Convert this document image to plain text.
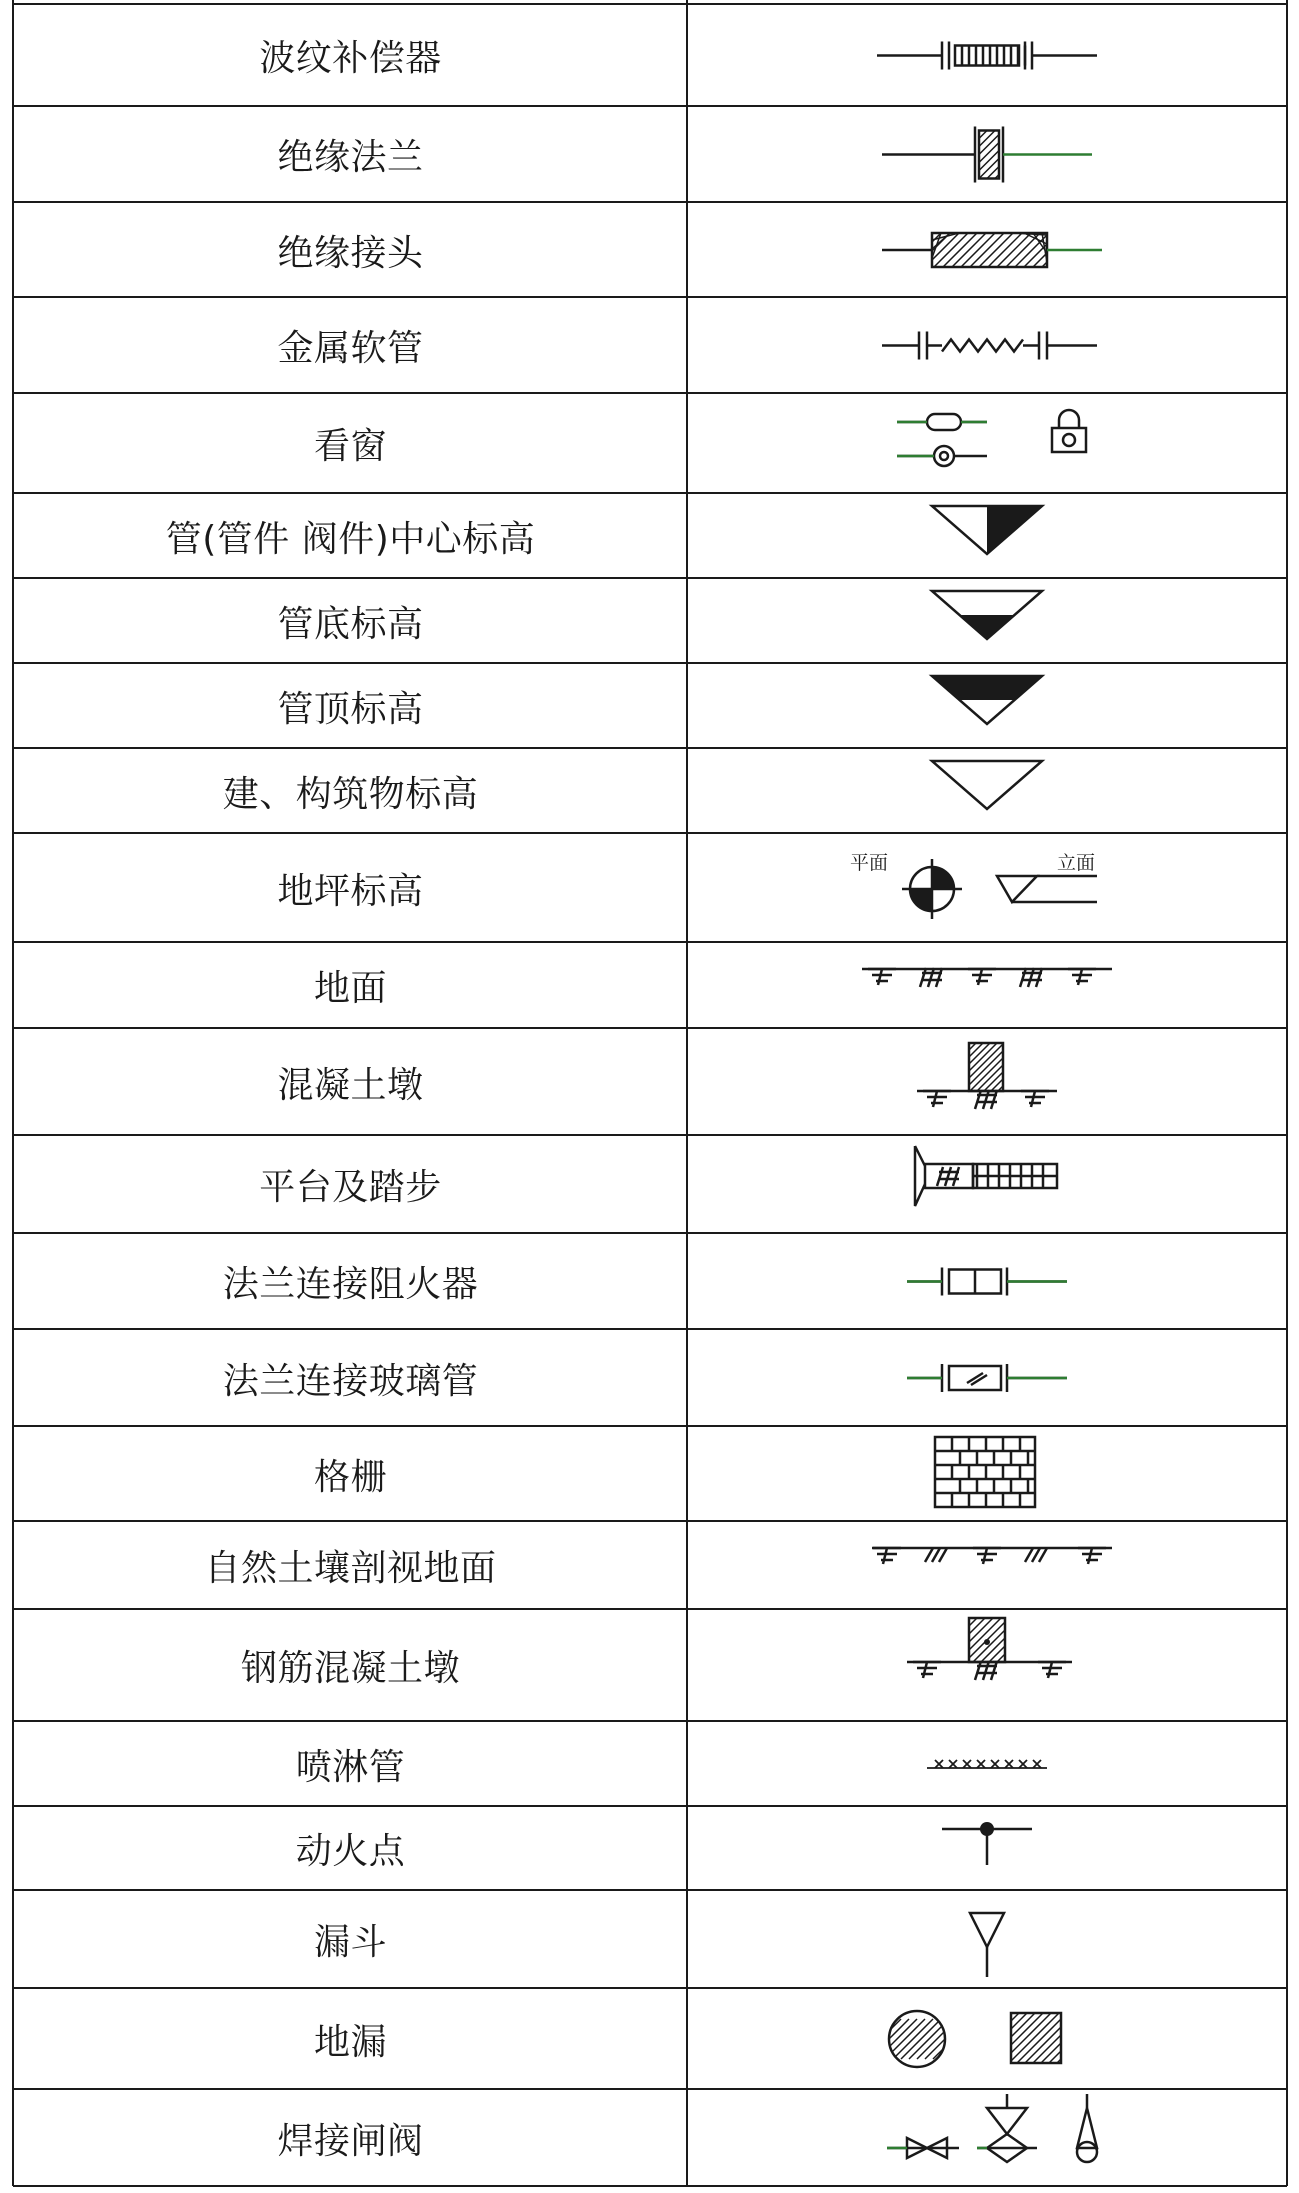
波纹补偿器
绝缘法兰
绝缘接头
金属软管
看窗
管(管件 阀件)中心标高
管底标高
管顶标高
建、构筑物标高
地坪标高
平面	立面
地面
混凝土墩
平台及踏步
法兰连接阻火器
法兰连接玻璃管
格栅
自然土壤剖视地面
钢筋混凝土墩
喷淋管
动火点
漏斗
地漏
焊接闸阀
